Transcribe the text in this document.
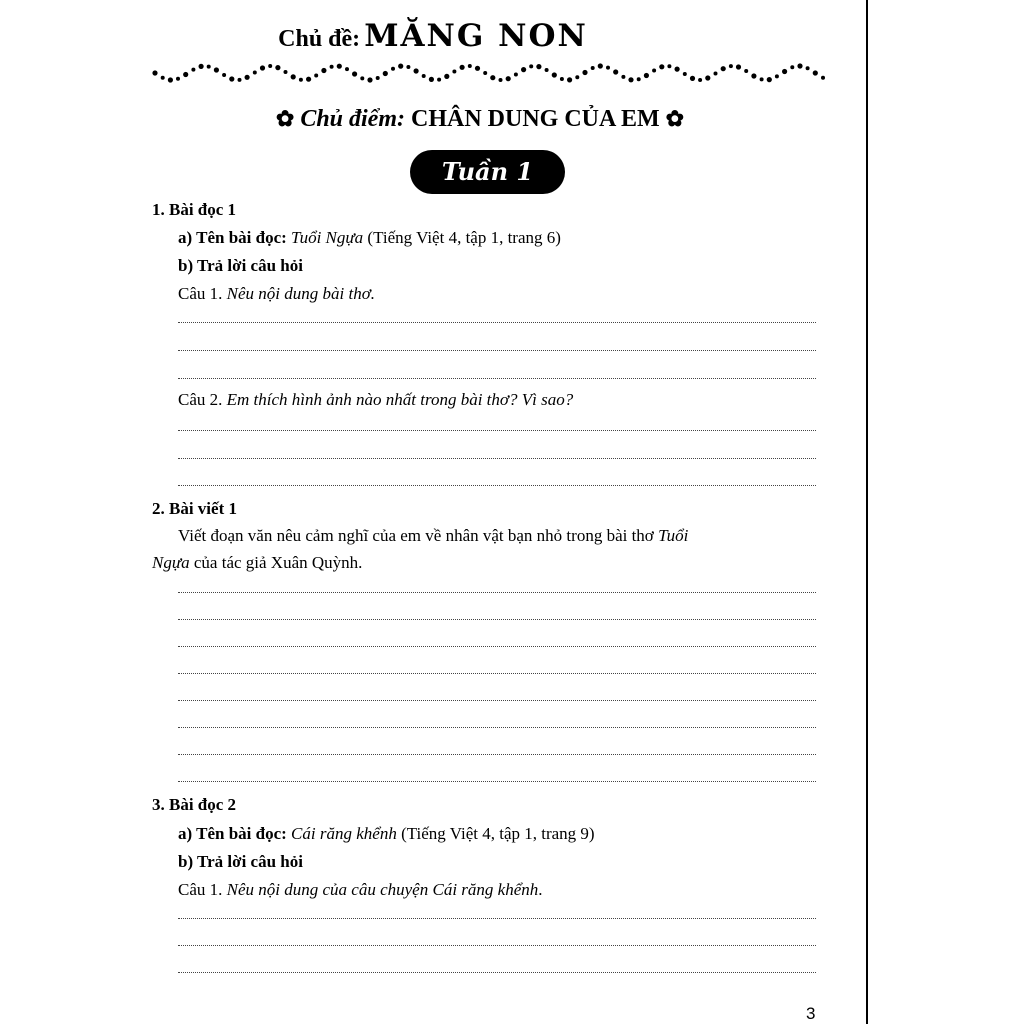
Chủ đề: MĂNG NON
✿ Chủ điểm: CHÂN DUNG CỦA EM ✿
Tuần 1
1. Bài đọc 1
a) Tên bài đọc: Tuổi Ngựa (Tiếng Việt 4, tập 1, trang 6)
b) Trả lời câu hỏi
Câu 1. Nêu nội dung bài thơ.
Câu 2. Em thích hình ảnh nào nhất trong bài thơ? Vì sao?
2. Bài viết 1
Viết đoạn văn nêu cảm nghĩ của em về nhân vật bạn nhỏ trong bài thơ Tuổi
Ngựa của tác giả Xuân Quỳnh.
3. Bài đọc 2
a) Tên bài đọc: Cái răng khểnh (Tiếng Việt 4, tập 1, trang 9)
b) Trả lời câu hỏi
Câu 1. Nêu nội dung của câu chuyện Cái răng khểnh.
3
